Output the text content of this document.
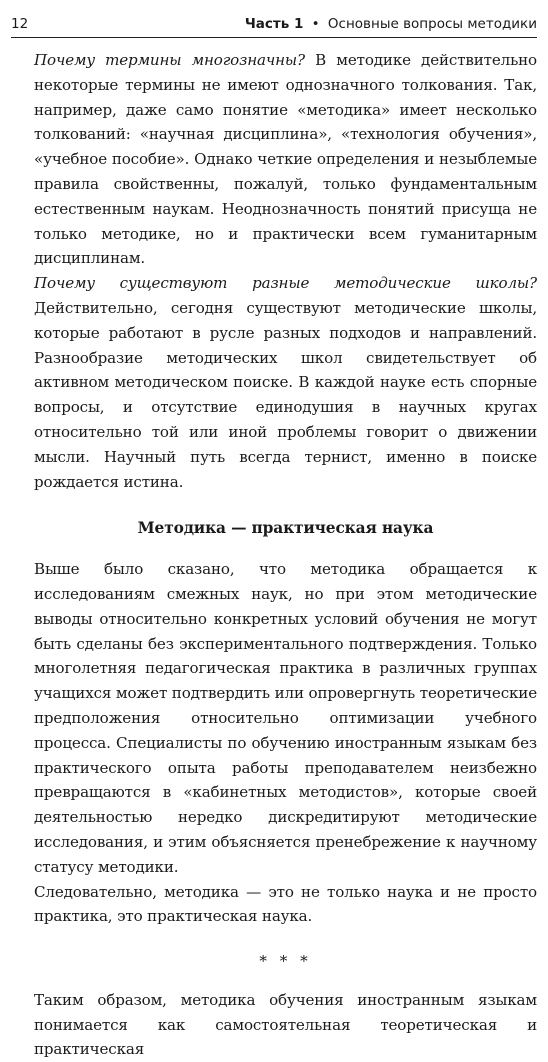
12	Часть 1 • Основные вопросы методики

Почему термины многозначны? В методике действительно некоторые термины не имеют однозначного толкования. Так, например, даже само понятие «методика» имеет несколько толкований: «научная дисциплина», «технология обучения», «учебное пособие». Однако четкие определения и незыблемые правила свойственны, пожалуй, только фундаментальным естественным наукам. Неоднозначность понятий присуща не только методике, но и практически всем гуманитарным дисциплинам.

Почему существуют разные методические школы? Действительно, сегодня существуют методические школы, которые работают в русле разных подходов и направлений. Разнообразие методических школ свидетельствует об активном методическом поиске. В каждой науке есть спорные вопросы, и отсутствие единодушия в научных кругах относительно той или иной проблемы говорит о движении мысли. Научный путь всегда тернист, именно в поиске рождается истина.

Методика — практическая наука

Выше было сказано, что методика обращается к исследованиям смежных наук, но при этом методические выводы относительно конкретных условий обучения не могут быть сделаны без экспериментального подтверждения. Только многолетняя педагогическая практика в различных группах учащихся может подтвердить или опровергнуть теоретические предположения относительно оптимизации учебного процесса. Специалисты по обучению иностранным языкам без практического опыта работы преподавателем неизбежно превращаются в «кабинетных методистов», которые своей деятельностью нередко дискредитируют методические исследования, и этим объясняется пренебрежение к научному статусу методики.

Следовательно, методика — это не только наука и не просто практика, это практическая наука.

* * *

Таким образом, методика обучения иностранным языкам понимается как самостоятельная теоретическая и практическая
